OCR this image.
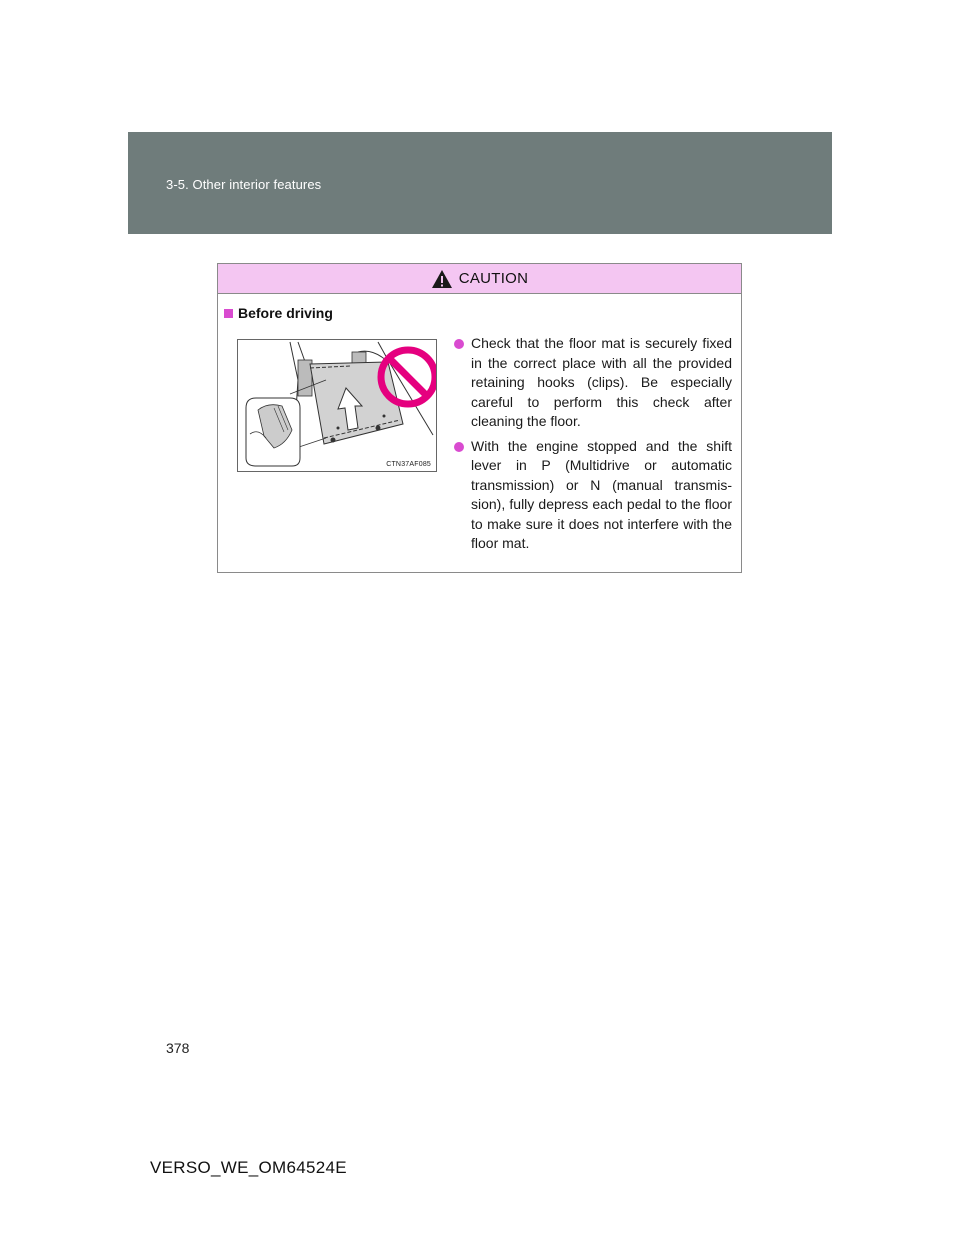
3-5. Other interior features
CAUTION
Before driving
CTN37AF085
Check that the floor mat is securely fixed in the correct place with all the provided retaining hooks (clips). Be especially careful to perform this check after cleaning the floor.
With the engine stopped and the shift lever in P (Multidrive or automatic transmission) or N (manual transmis-sion), fully depress each pedal to the floor to make sure it does not interfere with the floor mat.
378
VERSO_WE_OM64524E
